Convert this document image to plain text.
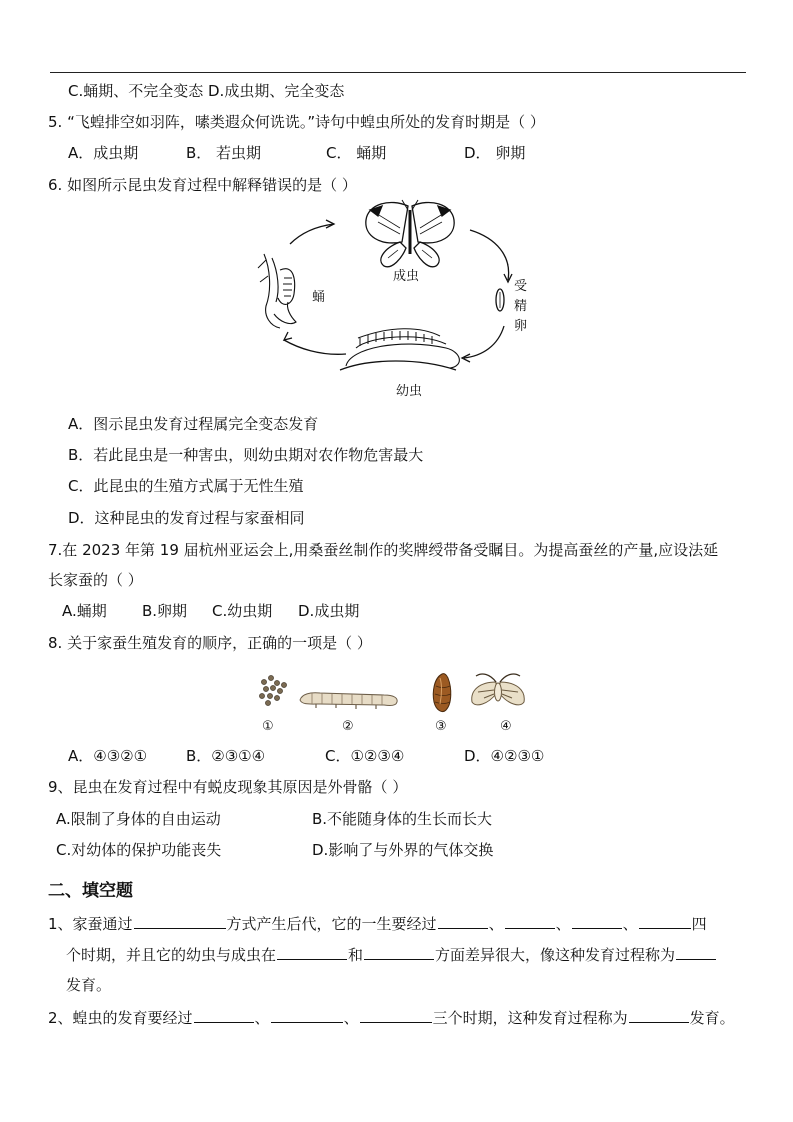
C.蛹期、不完全变态 D.成虫期、完全变态
5. “飞蝗排空如羽阵，嗉类遐众何诜诜。”诗句中蝗虫所处的发育时期是（ ）
A．成虫期	B． 若虫期	C． 蛹期	D． 卵期
6. 如图所示昆虫发育过程中解释错误的是（ ）
成虫
受 精 卵
幼虫
蛹
A．图示昆虫发育过程属完全变态发育
B．若此昆虫是一种害虫，则幼虫期对农作物危害最大
C．此昆虫的生殖方式属于无性生殖
D．这种昆虫的发育过程与家蚕相同
7.在 2023 年第 19 届杭州亚运会上,用桑蚕丝制作的奖牌绶带备受瞩目。为提高蚕丝的产量,应设法延
长家蚕的（ ）
A.蛹期 B.卵期 C.幼虫期 D.成虫期
8. 关于家蚕生殖发育的顺序，正确的一项是（ ）
①	②	③	④
A．④③②①	B．②③①④	C．①②③④	D．④②③①
9、昆虫在发育过程中有蜕皮现象其原因是外骨骼（ ）
A.限制了身体的自由运动	B.不能随身体的生长而长大
C.对幼体的保护功能丧失	D.影响了与外界的气体交换
二、填空题
1、家蚕通过	方式产生后代，它的一生要经过	、	、	、	四
个时期，并且它的幼虫与成虫在	和	方面差异很大，像这种发育过程称为
发育。
2、蝗虫的发育要经过	、	、	三个时期，这种发育过程称为	发育。
